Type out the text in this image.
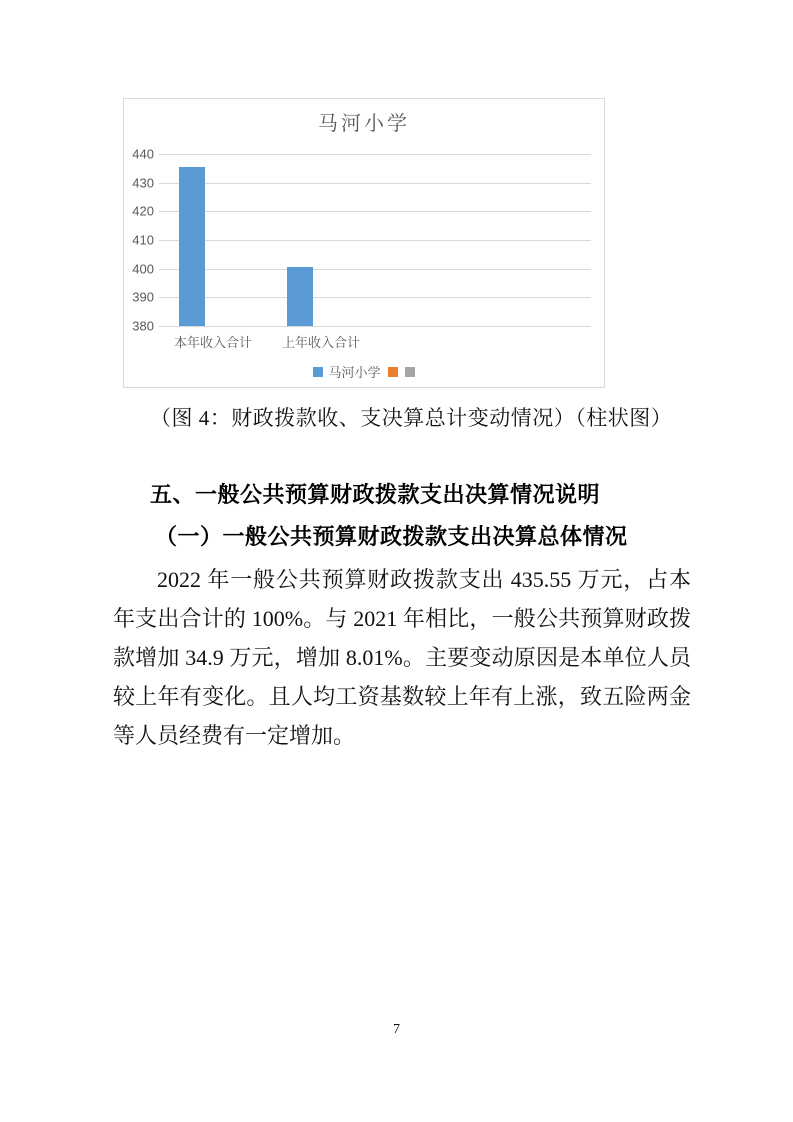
马河小学
440
430
420
410
400
390
380
本年收入合计	上年收入合计
马河小学

（图 4：财政拨款收、支决算总计变动情况）（柱状图）

五、一般公共预算财政拨款支出决算情况说明
（一）一般公共预算财政拨款支出决算总体情况

2022 年一般公共预算财政拨款支出 435.55 万元，占本年支出合计的 100%。与 2021 年相比，一般公共预算财政拨款增加 34.9 万元，增加 8.01%。主要变动原因是本单位人员较上年有变化。且人均工资基数较上年有上涨，致五险两金等人员经费有一定增加。

7
